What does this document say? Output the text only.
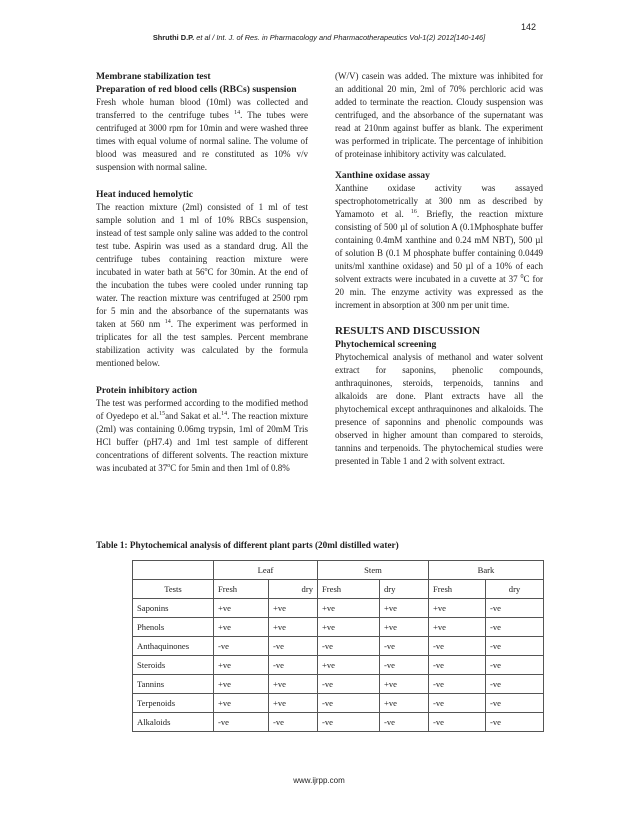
142
Shruthi D.P. et al / Int. J. of Res. in Pharmacology and Pharmacotherapeutics Vol-1(2) 2012[140-146]

Membrane stabilization test

Preparation of red blood cells (RBCs) suspension

Fresh whole human blood (10ml) was collected and transferred to the centrifuge tubes $^{14}$. The tubes were centrifuged at 3000 rpm for 10min and were washed three times with equal volume of normal saline. The volume of blood was measured and re constituted as 10% v/v suspension with normal saline.

Heat induced hemolytic

The reaction mixture (2ml) consisted of 1 ml of test sample solution and 1 ml of 10% RBCs suspension, instead of test sample only saline was added to the control test tube. Aspirin was used as a standard drug. All the centrifuge tubes containing reaction mixture were incubated in water bath at 56$^o$C for 30min. At the end of the incubation the tubes were cooled under running tap water. The reaction mixture was centrifuged at 2500 rpm for 5 min and the absorbance of the supernatants was taken at 560 nm $^{14}$. The experiment was performed in triplicates for all the test samples. Percent membrane stabilization activity was calculated by the formula mentioned below.

Protein inhibitory action

The test was performed according to the modified method of Oyedepo et al.$^{15}$and Sakat et al.$^{14}$. The reaction mixture (2ml) was containing 0.06mg trypsin, 1ml of 20mM Tris HCl buffer (pH7.4) and 1ml test sample of different concentrations of different solvents. The reaction mixture was incubated at 37$^o$C for 5min and then 1ml of 0.8%

(W/V) casein was added. The mixture was inhibited for an additional 20 min, 2ml of 70% perchloric acid was added to terminate the reaction. Cloudy suspension was centrifuged, and the absorbance of the supernatant was read at 210nm against buffer as blank. The experiment was performed in triplicate. The percentage of inhibition of proteinase inhibitory activity was calculated.

Xanthine oxidase assay

Xanthine oxidase activity was assayed spectrophotometrically at 300 nm as described by Yamamoto et al. $^{16}$. Briefly, the reaction mixture consisting of 500 µl of solution A (0.1Mphosphate buffer containing 0.4mM xanthine and 0.24 mM NBT), 500 µl of solution B (0.1 M phosphate buffer containing 0.0449 units/ml xanthine oxidase) and 50 µl of a 10% of each solvent extracts were incubated in a cuvette at 37 $^0$C for 20 min. The enzyme activity was expressed as the increment in absorption at 300 nm per unit time.

RESULTS AND DISCUSSION

Phytochemical screening

Phytochemical analysis of methanol and water solvent extract for saponins, phenolic compounds, anthraquinones, steroids, terpenoids, tannins and alkaloids are done. Plant extracts have all the phytochemical except anthraquinones and alkaloids. The presence of saponnins and phenolic compounds was observed in higher amount than compared to steroids, tannins and terpenoids. The phytochemical studies were presented in Table 1 and 2 with solvent extract.

Table 1: Phytochemical analysis of different plant parts (20ml distilled water)
	Leaf		Stem		Bark	
Tests	Fresh	dry	Fresh	dry	Fresh	dry
Saponins	+ve	+ve	+ve	+ve	+ve	-ve
Phenols	+ve	+ve	+ve	+ve	+ve	-ve
Anthaquinones	-ve	-ve	-ve	-ve	-ve	-ve
Steroids	+ve	-ve	+ve	-ve	-ve	-ve
Tannins	+ve	+ve	-ve	+ve	-ve	-ve
Terpenoids	+ve	+ve	-ve	+ve	-ve	-ve
Alkaloids	-ve	-ve	-ve	-ve	-ve	-ve
www.ijrpp.com
